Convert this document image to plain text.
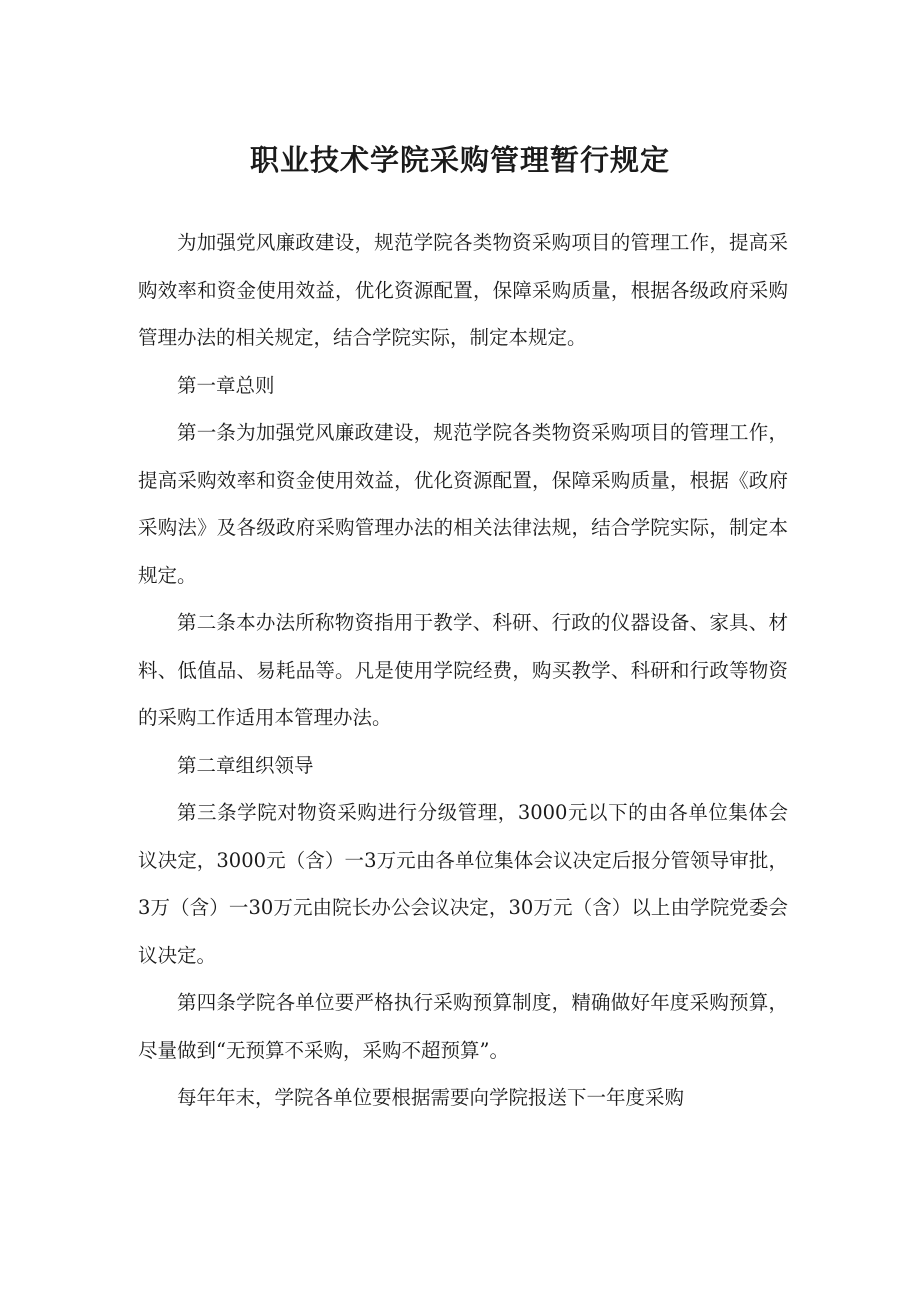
职业技术学院采购管理暂行规定

为加强党风廉政建设，规范学院各类物资采购项目的管理工作，提高采购效率和资金使用效益，优化资源配置，保障采购质量，根据各级政府采购管理办法的相关规定，结合学院实际，制定本规定。

第一章总则

第一条为加强党风廉政建设，规范学院各类物资采购项目的管理工作，提高采购效率和资金使用效益，优化资源配置，保障采购质量，根据《政府采购法》及各级政府采购管理办法的相关法律法规，结合学院实际，制定本规定。

第二条本办法所称物资指用于教学、科研、行政的仪器设备、家具、材料、低值品、易耗品等。凡是使用学院经费，购买教学、科研和行政等物资的采购工作适用本管理办法。

第二章组织领导

第三条学院对物资采购进行分级管理，3000元以下的由各单位集体会议决定，3000元（含）一3万元由各单位集体会议决定后报分管领导审批，3万（含）一30万元由院长办公会议决定，30万元（含）以上由学院党委会议决定。

第四条学院各单位要严格执行采购预算制度，精确做好年度采购预算，尽量做到“无预算不采购，采购不超预算”。

每年年末，学院各单位要根据需要向学院报送下一年度采购
